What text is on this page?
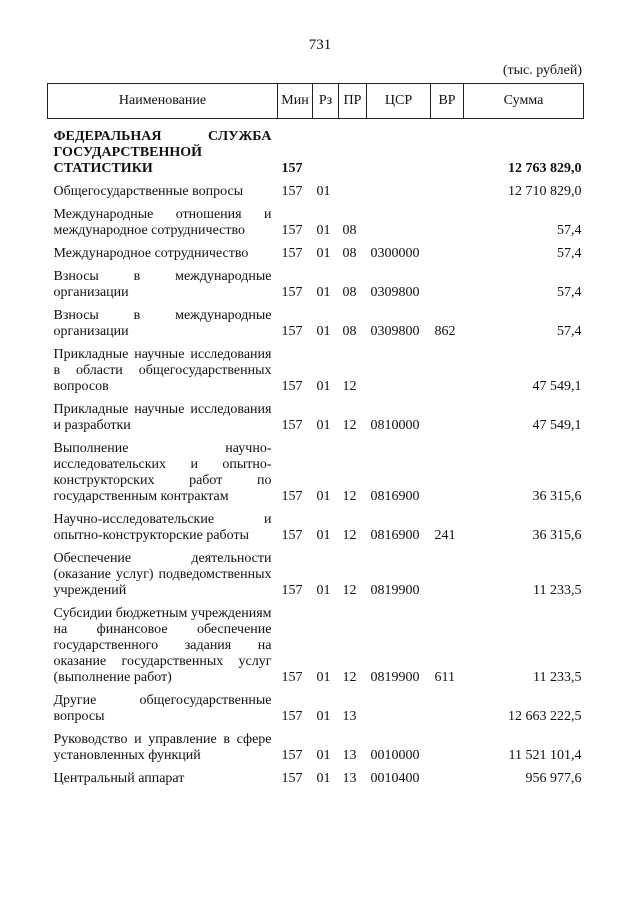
731
(тыс. рублей)
Наименование	Мин	Рз	ПР	ЦСР	ВР	Сумма
ФЕДЕРАЛЬНАЯ СЛУЖБА ГОСУДАРСТВЕННОЙ СТАТИСТИКИ	157					12 763 829,0
Общегосударственные вопросы	157	01				12 710 829,0
Международные отношения и международное сотрудничество	157	01	08			57,4
Международное сотрудничество	157	01	08	0300000		57,4
Взносы в международные организации	157	01	08	0309800		57,4
Взносы в международные организации	157	01	08	0309800	862	57,4
Прикладные научные исследования в области общегосударственных вопросов	157	01	12			47 549,1
Прикладные научные исследования и разработки	157	01	12	0810000		47 549,1
Выполнение научно-исследовательских и опытно-конструкторских работ по государственным контрактам	157	01	12	0816900		36 315,6
Научно-исследовательские и опытно-конструкторские работы	157	01	12	0816900	241	36 315,6
Обеспечение деятельности (оказание услуг) подведомственных учреждений	157	01	12	0819900		11 233,5
Субсидии бюджетным учреждениям на финансовое обеспечение государственного задания на оказание государственных услуг (выполнение работ)	157	01	12	0819900	611	11 233,5
Другие общегосударственные вопросы	157	01	13			12 663 222,5
Руководство и управление в сфере установленных функций	157	01	13	0010000		11 521 101,4
Центральный аппарат	157	01	13	0010400		956 977,6
